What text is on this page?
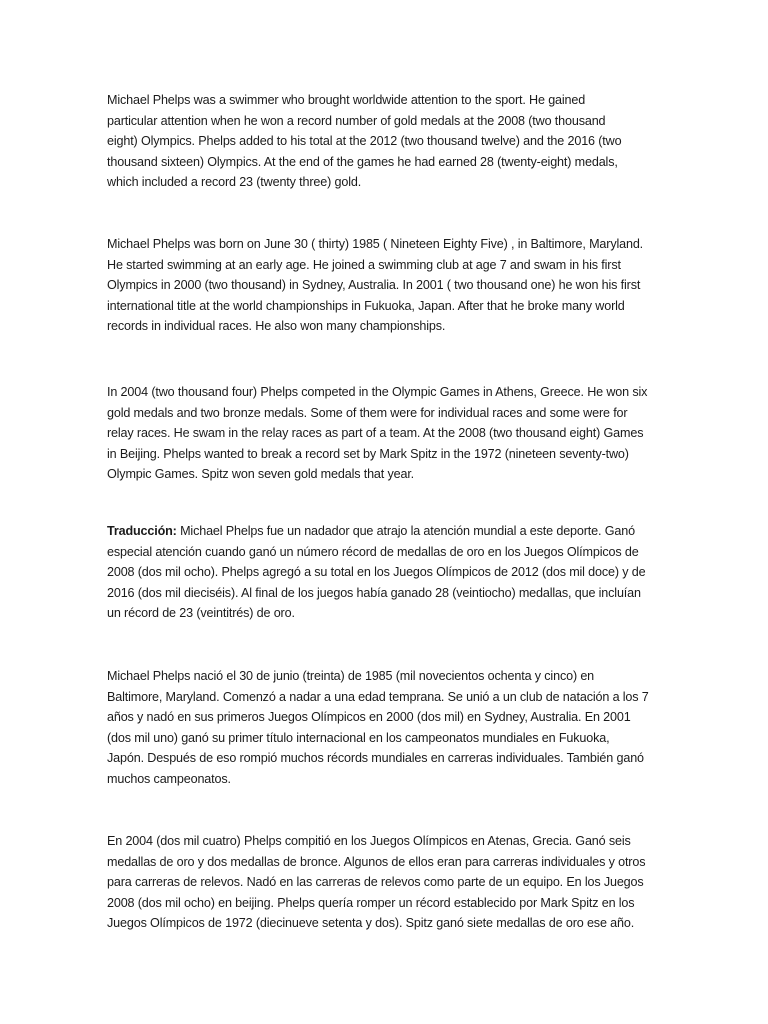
Michael Phelps was a swimmer who brought worldwide attention to the sport. He gained
particular attention when he won a record number of gold medals at the 2008 (two thousand
eight) Olympics. Phelps added to his total at the 2012 (two thousand twelve) and the 2016 (two
thousand sixteen) Olympics. At the end of the games he had earned 28 (twenty-eight) medals,
which included a record 23 (twenty three) gold.

Michael Phelps was born on June 30 ( thirty) 1985 ( Nineteen Eighty Five) , in Baltimore, Maryland.
He started swimming at an early age. He joined a swimming club at age 7 and swam in his first
Olympics in 2000 (two thousand) in Sydney, Australia. In 2001 ( two thousand one) he won his first
international title at the world championships in Fukuoka, Japan. After that he broke many world
records in individual races. He also won many championships.

In 2004 (two thousand four) Phelps competed in the Olympic Games in Athens, Greece. He won six
gold medals and two bronze medals. Some of them were for individual races and some were for
relay races. He swam in the relay races as part of a team. At the 2008 (two thousand eight) Games
in Beijing. Phelps wanted to break a record set by Mark Spitz in the 1972 (nineteen seventy-two)
Olympic Games. Spitz won seven gold medals that year.

Traducción: Michael Phelps fue un nadador que atrajo la atención mundial a este deporte. Ganó
especial atención cuando ganó un número récord de medallas de oro en los Juegos Olímpicos de
2008 (dos mil ocho). Phelps agregó a su total en los Juegos Olímpicos de 2012 (dos mil doce) y de
2016 (dos mil dieciséis). Al final de los juegos había ganado 28 (veintiocho) medallas, que incluían
un récord de 23 (veintitrés) de oro.

Michael Phelps nació el 30 de junio (treinta) de 1985 (mil novecientos ochenta y cinco) en
Baltimore, Maryland. Comenzó a nadar a una edad temprana. Se unió a un club de natación a los 7
años y nadó en sus primeros Juegos Olímpicos en 2000 (dos mil) en Sydney, Australia. En 2001
(dos mil uno) ganó su primer título internacional en los campeonatos mundiales en Fukuoka,
Japón. Después de eso rompió muchos récords mundiales en carreras individuales. También ganó
muchos campeonatos.

En 2004 (dos mil cuatro) Phelps compitió en los Juegos Olímpicos en Atenas, Grecia. Ganó seis
medallas de oro y dos medallas de bronce. Algunos de ellos eran para carreras individuales y otros
para carreras de relevos. Nadó en las carreras de relevos como parte de un equipo. En los Juegos
2008 (dos mil ocho) en beijing. Phelps quería romper un récord establecido por Mark Spitz en los
Juegos Olímpicos de 1972 (diecinueve setenta y dos). Spitz ganó siete medallas de oro ese año.
